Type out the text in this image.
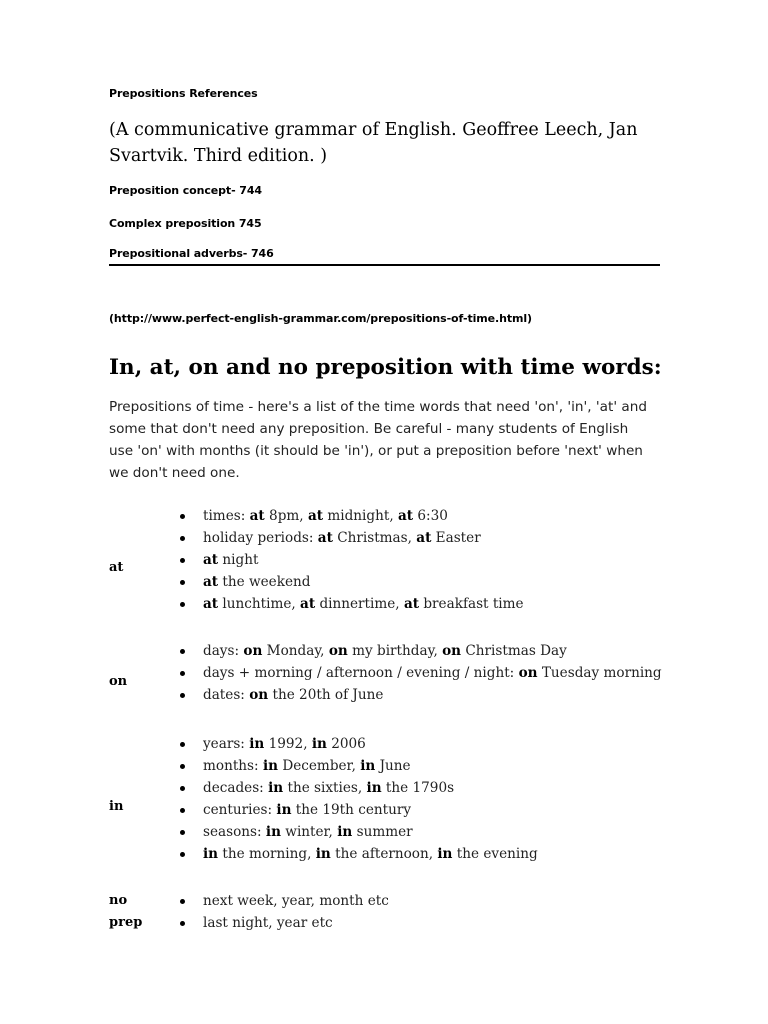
Prepositions References
(A communicative grammar of English. Geoffree Leech, Jan Svartvik. Third edition. )
Preposition concept- 744
Complex preposition 745
Prepositional adverbs- 746
(http://www.perfect-english-grammar.com/prepositions-of-time.html)
In, at, on and no preposition with time words:
Prepositions of time - here's a list of the time words that need 'on', 'in', 'at' and some that don't need any preposition. Be careful - many students of English use 'on' with months (it should be 'in'), or put a preposition before 'next' when we don't need one.
at
times: at 8pm, at midnight, at 6:30
holiday periods: at Christmas, at Easter
at night
at the weekend
at lunchtime, at dinnertime, at breakfast time
on
days: on Monday, on my birthday, on Christmas Day
days + morning / afternoon / evening / night: on Tuesday morning
dates: on the 20th of June
in
years: in 1992, in 2006
months: in December, in June
decades: in the sixties, in the 1790s
centuries: in the 19th century
seasons: in winter, in summer
in the morning, in the afternoon, in the evening
no
prep
next week, year, month etc
last night, year etc
